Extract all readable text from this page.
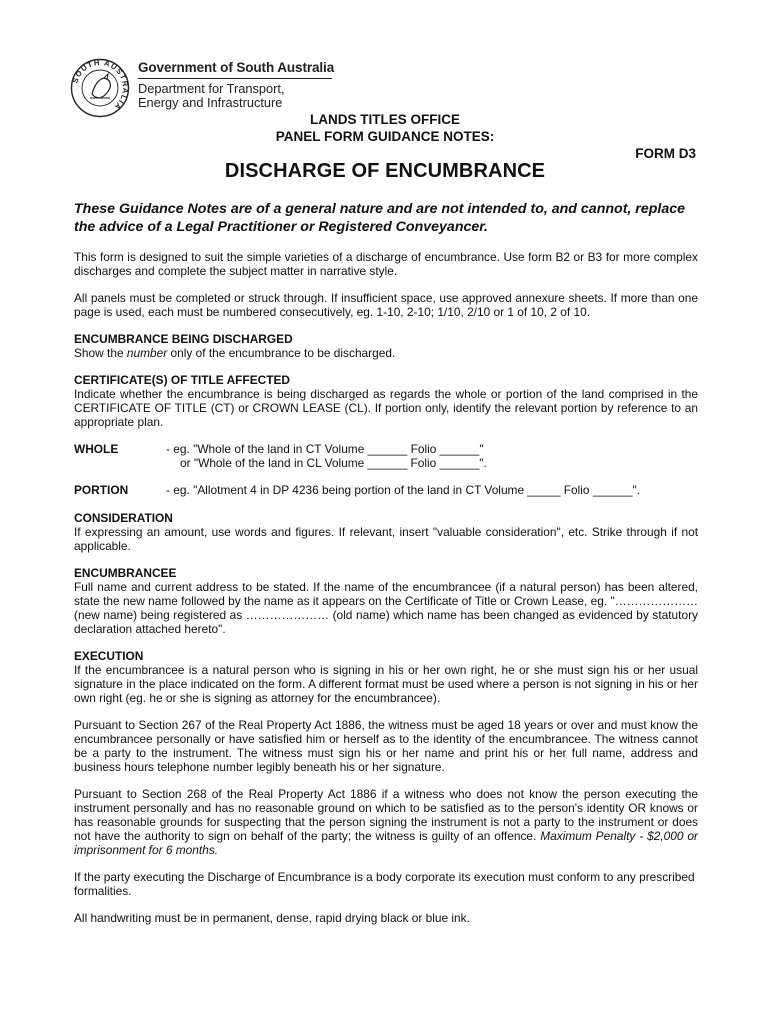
SOUTH AUSTRALIA
Government of South Australia
Department for Transport,
Energy and Infrastructure
LANDS TITLES OFFICE
PANEL FORM GUIDANCE NOTES:
FORM D3
DISCHARGE OF ENCUMBRANCE
These Guidance Notes are of a general nature and are not intended to, and cannot, replace the advice of a Legal Practitioner or Registered Conveyancer.

This form is designed to suit the simple varieties of a discharge of encumbrance. Use form B2 or B3 for more complex discharges and complete the subject matter in narrative style.

All panels must be completed or struck through. If insufficient space, use approved annexure sheets. If more than one page is used, each must be numbered consecutively, eg. 1-10, 2-10; 1/10, 2/10 or 1 of 10, 2 of 10.

ENCUMBRANCE BEING DISCHARGED
Show the number only of the encumbrance to be discharged.

CERTIFICATE(S) OF TITLE AFFECTED
Indicate whether the encumbrance is being discharged as regards the whole or portion of the land comprised in the CERTIFICATE OF TITLE (CT) or CROWN LEASE (CL). If portion only, identify the relevant portion by reference to an appropriate plan.

WHOLE	- eg. "Whole of the land in CT Volume ______ Folio ______"
or "Whole of the land in CL Volume ______ Folio ______".
PORTION	- eg. "Allotment 4 in DP 4236 being portion of the land in CT Volume _____ Folio ______".

CONSIDERATION
If expressing an amount, use words and figures. If relevant, insert "valuable consideration", etc. Strike through if not applicable.

ENCUMBRANCEE
Full name and current address to be stated. If the name of the encumbrancee (if a natural person) has been altered, state the new name followed by the name as it appears on the Certificate of Title or Crown Lease, eg. "…………………(new name) being registered as ………………… (old name) which name has been changed as evidenced by statutory declaration attached hereto".

EXECUTION
If the encumbrancee is a natural person who is signing in his or her own right, he or she must sign his or her usual signature in the place indicated on the form. A different format must be used where a person is not signing in his or her own right (eg. he or she is signing as attorney for the encumbrancee).

Pursuant to Section 267 of the Real Property Act 1886, the witness must be aged 18 years or over and must know the encumbrancee personally or have satisfied him or herself as to the identity of the encumbrancee. The witness cannot be a party to the instrument. The witness must sign his or her name and print his or her full name, address and business hours telephone number legibly beneath his or her signature.

Pursuant to Section 268 of the Real Property Act 1886 if a witness who does not know the person executing the instrument personally and has no reasonable ground on which to be satisfied as to the person's identity OR knows or has reasonable grounds for suspecting that the person signing the instrument is not a party to the instrument or does not have the authority to sign on behalf of the party; the witness is guilty of an offence. Maximum Penalty - $2,000 or imprisonment for 6 months.

If the party executing the Discharge of Encumbrance is a body corporate its execution must conform to any prescribed formalities.

All handwriting must be in permanent, dense, rapid drying black or blue ink.
